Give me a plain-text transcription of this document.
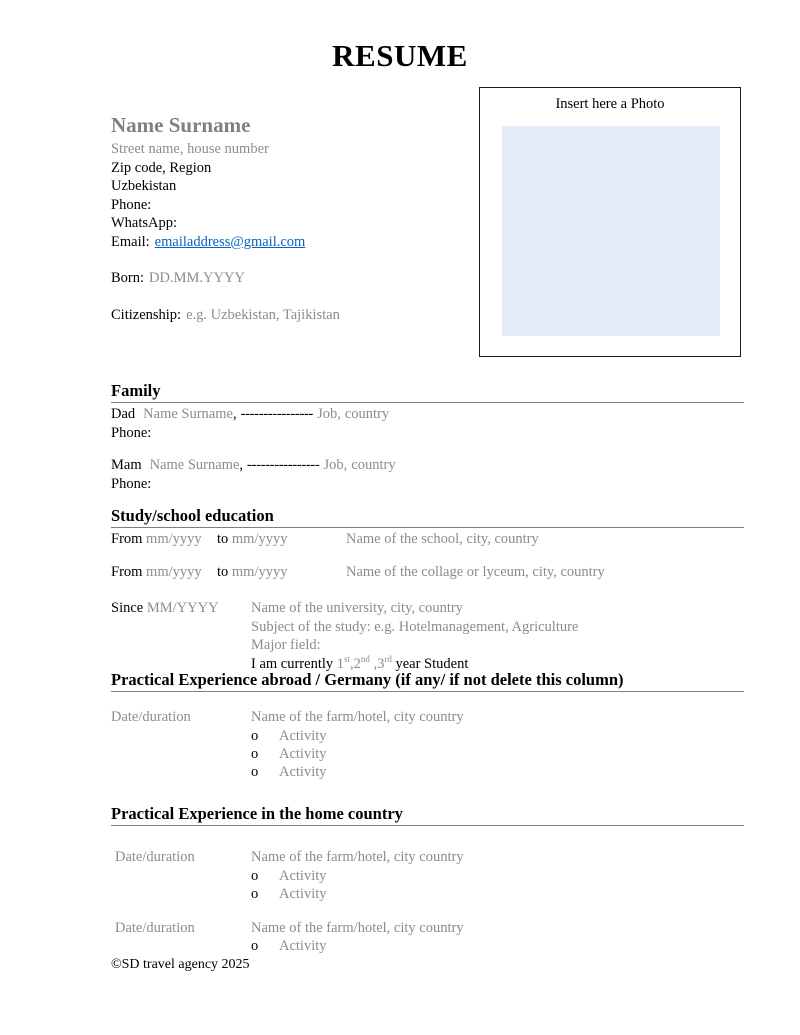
RESUME
Name Surname
Street name, house number
Zip code, Region
Uzbekistan
Phone:
WhatsApp:
Email: emailaddress@gmail.com
Born: DD.MM.YYYY
Citizenship: e.g. Uzbekistan, Tajikistan
Insert here a Photo
Family
Dad Name Surname, ---------------- Job, country
Phone:
Mam Name Surname, ---------------- Job, country
Phone:
Study/school education
From mm/yyyy to mm/yyyy	Name of the school, city, country
From mm/yyyy to mm/yyyy	Name of the collage or lyceum, city, country
Since MM/YYYY Name of the university, city, country
Subject of the study: e.g. Hotelmanagement, Agriculture
Major field:
I am currently 1st,2nd ,3rd year Student
Practical Experience abroad / Germany (if any/ if not delete this column)
Date/duration	Name of the farm/hotel, city country
o Activity
o Activity
o Activity
Practical Experience in the home country
Date/duration	Name of the farm/hotel, city country
o Activity
o Activity
Date/duration	Name of the farm/hotel, city country
o Activity
©SD travel agency 2025
